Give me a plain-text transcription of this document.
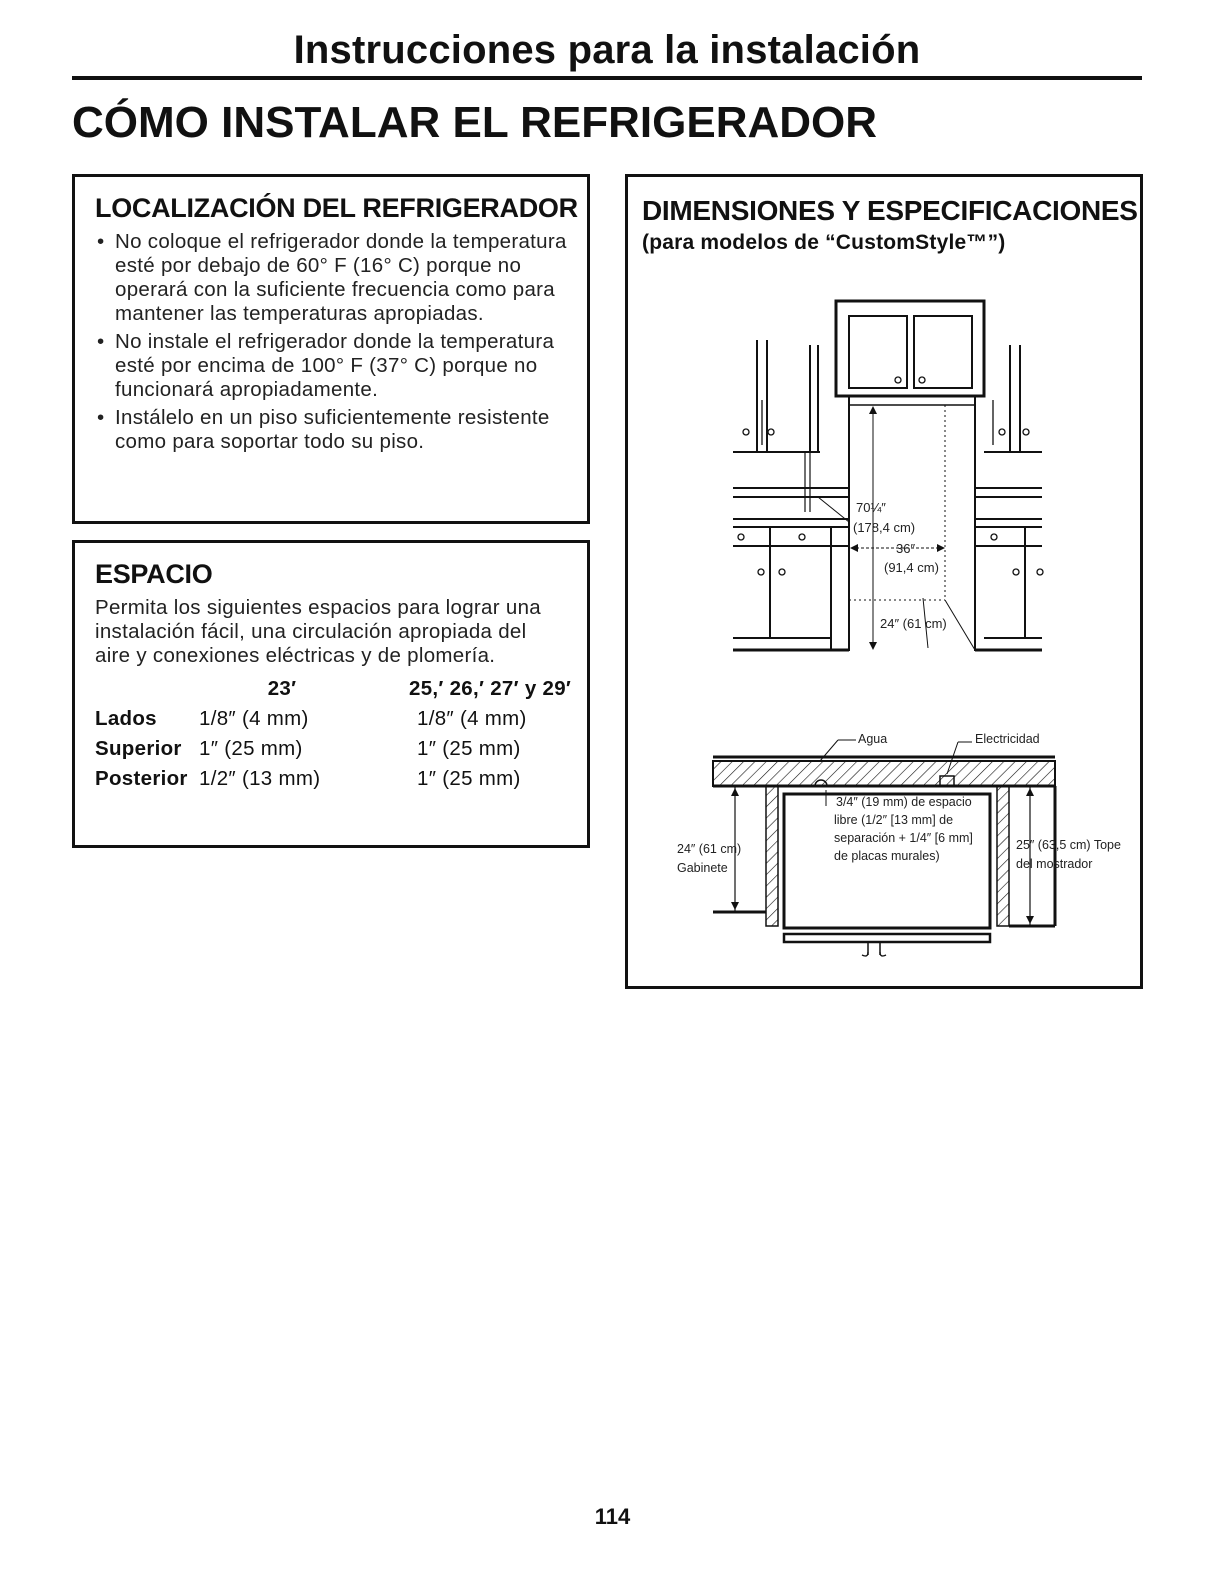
Instrucciones para la instalación
CÓMO INSTALAR EL REFRIGERADOR
LOCALIZACIÓN DEL REFRIGERADOR
• No coloque el refrigerador donde la temperatura esté por debajo de 60° F (16° C) porque no operará con la suficiente frecuencia como para mantener las temperaturas apropiadas.
• No instale el refrigerador donde la temperatura esté por encima de 100° F (37° C) porque no funcionará apropiadamente.
• Instálelo en un piso suficientemente resistente como para soportar todo su piso.
ESPACIO
Permita los siguientes espacios para lograr una instalación fácil, una circulación apropiada del aire y conexiones eléctricas y de plomería.
	23′	25,′ 26,′ 27′ y 29′
Lados	1/8″ (4 mm)	1/8″ (4 mm)
Superior	1″ (25 mm)	1″ (25 mm)
Posterior	1/2″ (13 mm)	1″ (25 mm)
DIMENSIONES Y ESPECIFICACIONES
(para modelos de “CustomStyle™”)
70¼″
(178,4 cm)
36″
(91,4 cm)
24″ (61 cm)
Agua	Electricidad
3/4″ (19 mm) de espacio
libre (1/2″ [13 mm] de
separación + 1/4″ [6 mm]
de placas murales)
24″ (61 cm)
Gabinete
25″ (63,5 cm) Tope
del mostrador
114
